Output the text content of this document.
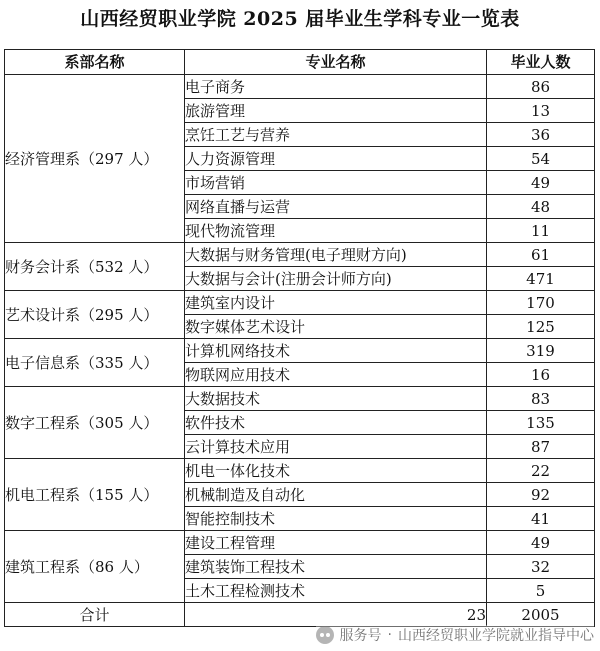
山西经贸职业学院 2025 届毕业生学科专业一览表
系部名称	专业名称	毕业人数
经济管理系（297 人）	电子商务	86
	旅游管理	13
	烹饪工艺与营养	36
	人力资源管理	54
	市场营销	49
	网络直播与运营	48
	现代物流管理	11
财务会计系（532 人）	大数据与财务管理(电子理财方向)	61
	大数据与会计(注册会计师方向)	471
艺术设计系（295 人）	建筑室内设计	170
	数字媒体艺术设计	125
电子信息系（335 人）	计算机网络技术	319
	物联网应用技术	16
数字工程系（305 人）	大数据技术	83
	软件技术	135
	云计算技术应用	87
机电工程系（155 人）	机电一体化技术	22
	机械制造及自动化	92
	智能控制技术	41
建筑工程系（86 人）	建设工程管理	49
	建筑装饰工程技术	32
	土木工程检测技术	5
合计	23	2005
服务号 · 山西经贸职业学院就业指导中心
